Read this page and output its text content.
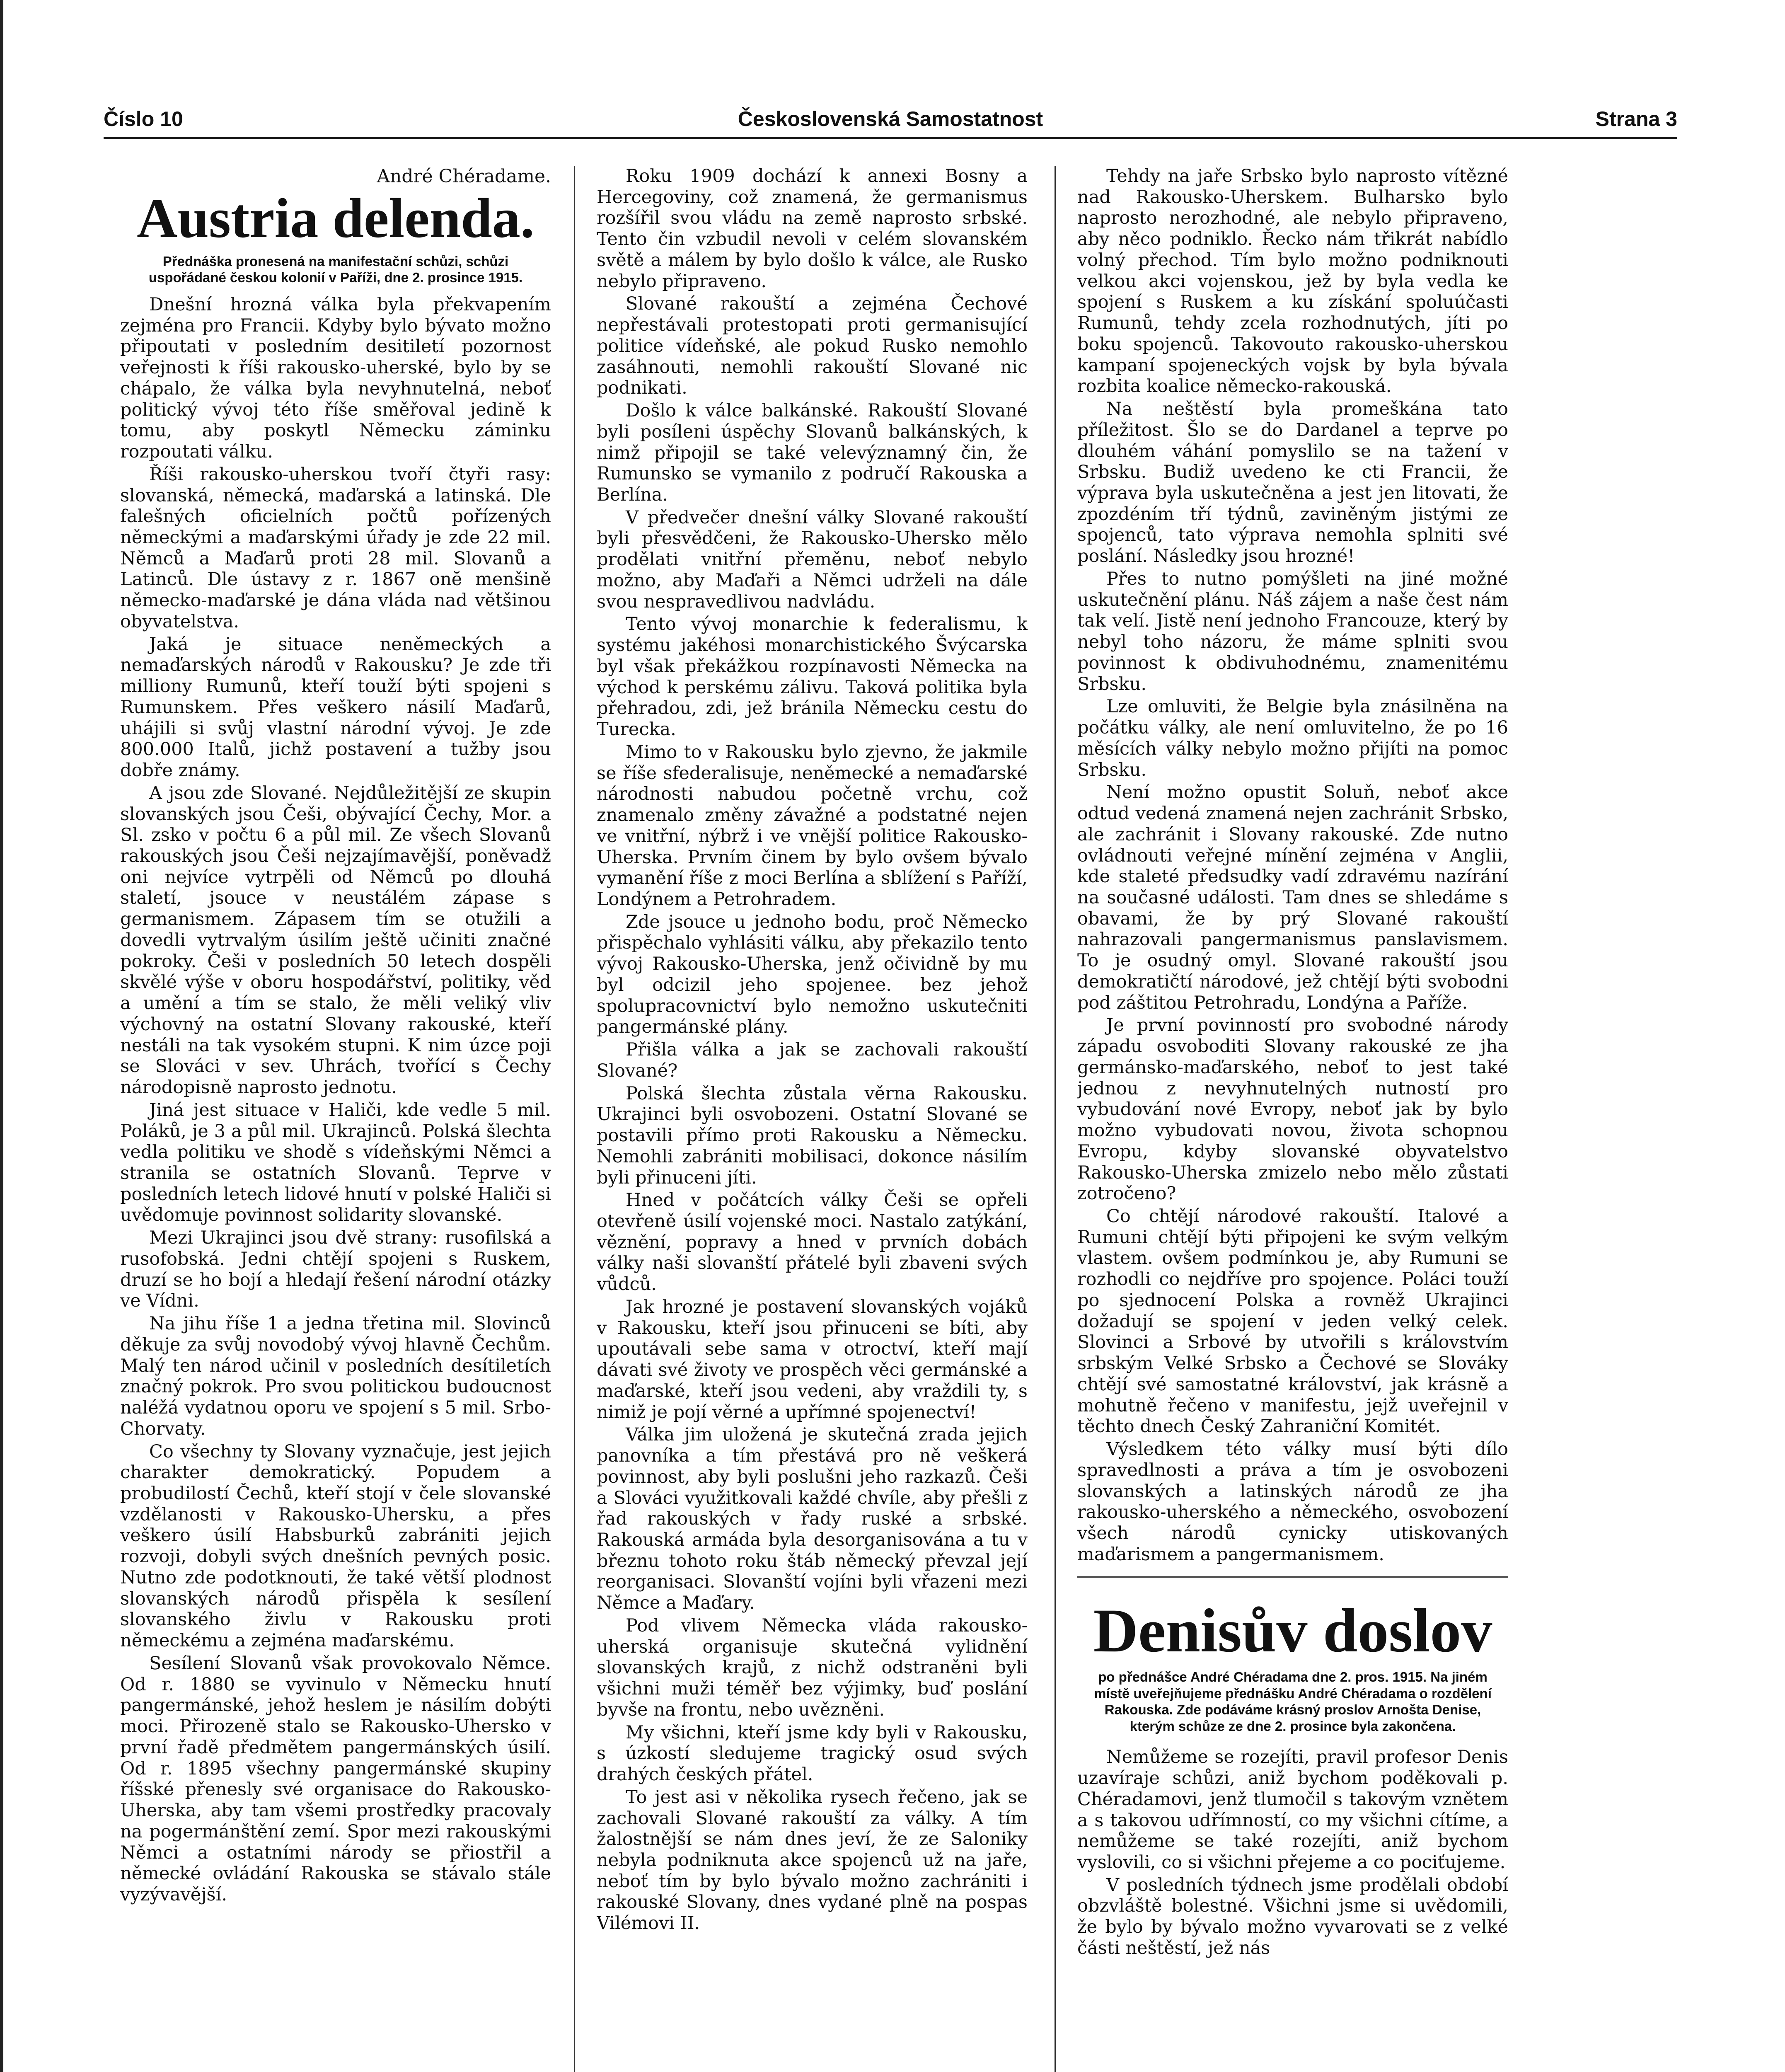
Číslo 10	Československá Samostatnost	Strana 3

André Chéradame.

Austria delenda.
Přednáška pronesená na manifestační schůzi, schůzi uspořádané českou kolonií v Paříži, dne 2. prosince 1915.

Dnešní hrozná válka byla překvapením zejména pro Francii. Kdyby bylo bývato možno připoutati v posledním desitiletí pozornost veřejnosti k říši rakousko-uherské, bylo by se chápalo, že válka byla nevyhnutelná, neboť politický vývoj této říše směřoval jedině k tomu, aby poskytl Německu záminku rozpoutati válku.

Říši rakousko-uherskou tvoří čtyři rasy: slovanská, německá, maďarská a latinská. Dle falešných oficielních počtů pořízených německými a maďarskými úřady je zde 22 mil. Němců a Maďarů proti 28 mil. Slovanů a Latinců. Dle ústavy z r. 1867 onĕ menšině německo-maďarské je dána vláda nad většinou obyvatelstva.

Jaká je situace neněmeckých a nemaďarských národů v Rakousku? Je zde tři milliony Rumunů, kteří touží býti spojeni s Rumunskem. Přes veškero násilí Maďarů, uhájili si svůj vlastní národní vývoj. Je zde 800.000 Italů, jichž postavení a tužby jsou dobře známy.

A jsou zde Slované. Nejdůležitější ze skupin slovanských jsou Češi, obývající Čechy, Mor. a Sl. zsko v počtu 6 a půl mil. Ze všech Slovanů rakouských jsou Češi nejzajímavější, poněvadž oni nejvíce vytrpěli od Němců po dlouhá staletí, jsouce v neustálém zápase s germanismem. Zápasem tím se otužili a dovedli vytrvalým úsilím ještě učiniti značné pokroky. Češi v posledních 50 letech dospěli skvělé výše v oboru hospodářství, politiky, věd a umění a tím se stalo, že měli veliký vliv výchovný na ostatní Slovany rakouské, kteří nestáli na tak vysokém stupni. K nim úzce poji se Slováci v sev. Uhrách, tvořící s Čechy národopisně naprosto jednotu.

Jiná jest situace v Haliči, kde vedle 5 mil. Poláků, je 3 a půl mil. Ukrajinců. Polská šlechta vedla politiku ve shodě s vídeňskými Němci a stranila se ostatních Slovanů. Teprve v posledních letech lidové hnutí v polské Haliči si uvědomuje povinnost solidarity slovanské.

Mezi Ukrajinci jsou dvě strany: rusofilská a rusofobská. Jedni chtějí spojeni s Ruskem, druzí se ho bojí a hledají řešení národní otázky ve Vídni.

Na jihu říše 1 a jedna třetina mil. Slovinců děkuje za svůj novodobý vývoj hlavně Čechům. Malý ten národ učinil v posledních desítiletích značný pokrok. Pro svou politickou budoucnost naléžá vydatnou oporu ve spojení s 5 mil. Srbo-Chorvaty.

Co všechny ty Slovany vyznačuje, jest jejich charakter demokratický. Popudem a probudilostí Čechů, kteří stojí v čele slovanské vzdělanosti v Rakousko-Uhersku, a přes veškero úsilí Habsburků zabrániti jejich rozvoji, dobyli svých dnešních pevných posic. Nutno zde podotknouti, že také větší plodnost slovanských národů přispěla k sesílení slovanského živlu v Rakousku proti německému a zejména maďarskému.

Sesílení Slovanů však provokovalo Němce. Od r. 1880 se vyvinulo v Německu hnutí pangermánské, jehož heslem je násilím dobýti moci. Přirozeně stalo se Rakousko-Uhersko v první řadě předmětem pangermánských úsilí. Od r. 1895 všechny pangermánské skupiny říšské přenesly své organisace do Rakousko-Uherska, aby tam všemi prostředky pracovaly na pogermánštění zemí. Spor mezi rakouskými Němci a ostatními národy se přiostřil a německé ovládání Rakouska se stávalo stále vyzývavější.

Roku 1909 dochází k annexi Bosny a Hercegoviny, což znamená, že germanismus rozšířil svou vládu na země naprosto srbské. Tento čin vzbudil nevoli v celém slovanském světě a málem by bylo došlo k válce, ale Rusko nebylo připraveno.

Slované rakouští a zejména Čechové nepřestávali protestopati proti germanisující politice vídeňské, ale pokud Rusko nemohlo zasáhnouti, nemohli rakouští Slované nic podnikati.

Došlo k válce balkánské. Rakouští Slované byli posíleni úspěchy Slovanů balkánských, k nimž připojil se také velevýznamný čin, že Rumunsko se vymanilo z područí Rakouska a Berlína.

V předvečer dnešní války Slované rakouští byli přesvědčeni, že Rakousko-Uhersko mělo prodělati vnitřní přeměnu, neboť nebylo možno, aby Maďaři a Němci udrželi na dále svou nespravedlivou nadvládu.

Tento vývoj monarchie k federalismu, k systému jakéhosi monarchistického Švýcarska byl však překážkou rozpínavosti Německa na východ k perskému zálivu. Taková politika byla přehradou, zdi, jež bránila Německu cestu do Turecka.

Mimo to v Rakousku bylo zjevno, že jakmile se říše sfederalisuje, neněmecké a nemaďarské národnosti nabudou početně vrchu, což znamenalo změny závažné a podstatné nejen ve vnitřní, nýbrž i ve vnější politice Rakousko-Uherska. Prvním činem by bylo ovšem bývalo vymanění říše z moci Berlína a sblížení s Paříží, Londýnem a Petrohradem.

Zde jsouce u jednoho bodu, proč Německo přispěchalo vyhlásiti válku, aby překazilo tento vývoj Rakousko-Uherska, jenž očividně by mu byl odcizil jeho spojenee. bez jehož spolupracovnictví bylo nemožno uskutečniti pangermánské plány.

Přišla válka a jak se zachovali rakouští Slované?

Polská šlechta zůstala věrna Rakousku. Ukrajinci byli osvobozeni. Ostatní Slované se postavili přímo proti Rakousku a Německu. Nemohli zabrániti mobilisaci, dokonce násilím byli přinuceni jíti.

Hned v počátcích války Češi se opřeli otevřeně úsilí vojenské moci. Nastalo zatýkání, věznění, popravy a hned v prvních dobách války naši slovanští přátelé byli zbaveni svých vůdců.

Jak hrozné je postavení slovanských vojáků v Rakousku, kteří jsou přinuceni se bíti, aby upoutávali sebe sama v otroctví, kteří mají dávati své životy ve prospěch věci germánské a maďarské, kteří jsou vedeni, aby vraždili ty, s nimiž je pojí věrné a upřímné spojenectví!

Válka jim uložená je skutečná zrada jejich panovníka a tím přestává pro ně veškerá povinnost, aby byli poslušni jeho razkazů. Češi a Slováci využitkovali každé chvíle, aby přešli z řad rakouských v řady ruské a srbské. Rakouská armáda byla desorganisována a tu v březnu tohoto roku štáb německý převzal její reorganisaci. Slovanští vojíni byli vřazeni mezi Němce a Maďary.

Pod vlivem Německa vláda rakousko-uherská organisuje skutečná vylidnění slovanských krajů, z nichž odstraněni byli všichni muži téměř bez výjimky, buď poslání byvše na frontu, nebo uvězněni.

My všichni, kteří jsme kdy byli v Rakousku, s úzkostí sledujeme tragický osud svých drahých českých přátel.

To jest asi v několika rysech řečeno, jak se zachovali Slované rakouští za války. A tím žalostnější se nám dnes jeví, že ze Saloniky nebyla podniknuta akce spojenců už na jaře, neboť tím by bylo bývalo možno zachrániti i rakouské Slovany, dnes vydané plně na pospas Vilémovi II.

Tehdy na jaře Srbsko bylo naprosto vítězné nad Rakousko-Uherskem. Bulharsko bylo naprosto nerozhodné, ale nebylo připraveno, aby něco podniklo. Řecko nám třikrát nabídlo volný přechod. Tím bylo možno podniknouti velkou akci vojenskou, jež by byla vedla ke spojení s Ruskem a ku získání spoluúčasti Rumunů, tehdy zcela rozhodnutých, jíti po boku spojenců. Takovouto rakousko-uherskou kampaní spojeneckých vojsk by byla bývala rozbita koalice německo-rakouská.

Na neštěstí byla promeškána tato příležitost. Šlo se do Dardanel a teprve po dlouhém váhání pomyslilo se na tažení v Srbsku. Budiž uvedeno ke cti Francii, že výprava byla uskutečněna a jest jen litovati, že zpozdéním tří týdnů, zaviněným jistými ze spojenců, tato výprava nemohla splniti své poslání. Následky jsou hrozné!

Přes to nutno pomýšleti na jiné možné uskutečnění plánu. Náš zájem a naše čest nám tak velí. Jistě není jednoho Francouze, který by nebyl toho názoru, že máme splniti svou povinnost k obdivuhodnému, znamenitému Srbsku.

Lze omluviti, že Belgie byla znásilněna na počátku války, ale není omluvitelno, že po 16 měsících války nebylo možno přijíti na pomoc Srbsku.

Není možno opustit Soluň, neboť akce odtud vedená znamená nejen zachránit Srbsko, ale zachránit i Slovany rakouské. Zde nutno ovládnouti veřejné mínění zejména v Anglii, kde staleté předsudky vadí zdravému nazírání na současné události. Tam dnes se shledáme s obavami, že by prý Slované rakouští nahrazovali pangermanismus panslavismem. To je osudný omyl. Slované rakouští jsou demokratičtí národové, jež chtějí býti svobodni pod záštitou Petrohradu, Londýna a Paříže.

Je první povinností pro svobodné národy západu osvoboditi Slovany rakouské ze jha germánsko-maďarského, neboť to jest také jednou z nevyhnutelných nutností pro vybudování nové Evropy, neboť jak by bylo možno vybudovati novou, života schopnou Evropu, kdyby slovanské obyvatelstvo Rakousko-Uherska zmizelo nebo mělo zůstati zotročeno?

Co chtějí národové rakouští. Italové a Rumuni chtějí býti připojeni ke svým velkým vlastem. ovšem podmínkou je, aby Rumuni se rozhodli co nejdříve pro spojence. Poláci touží po sjednocení Polska a rovněž Ukrajinci dožadují se spojení v jeden velký celek. Slovinci a Srbové by utvořili s královstvím srbským Velké Srbsko a Čechové se Slováky chtějí své samostatné království, jak krásně a mohutně řečeno v manifestu, jejž uveřejnil v těchto dnech Český Zahraniční Komitét.

Výsledkem této války musí býti dílo spravedlnosti a práva a tím je osvobozeni slovanských a latinských národů ze jha rakousko-uherského a německého, osvobození všech národů cynicky utiskovaných maďarismem a pangermanismem.

Denisův doslov
po přednášce André Chéradama dne 2. pros. 1915. Na jiném místě uveřejňujeme přednášku André Chéradama o rozdělení Rakouska. Zde podáváme krásný proslov Arnošta Denise, kterým schůze ze dne 2. prosince byla zakončena.

Nemůžeme se rozejíti, pravil profesor Denis uzavíraje schůzi, aniž bychom poděkovali p. Chéradamovi, jenž tlumočil s takovým vznětem a s takovou udřímností, co my všichni cítíme, a nemůžeme se také rozejíti, aniž bychom vyslovili, co si všichni přejeme a co pociťujeme.

V posledních týdnech jsme prodělali období obzvláště bolestné. Všichni jsme si uvědomili, že bylo by bývalo možno vyvarovati se z velké části neštěstí, jež nás
